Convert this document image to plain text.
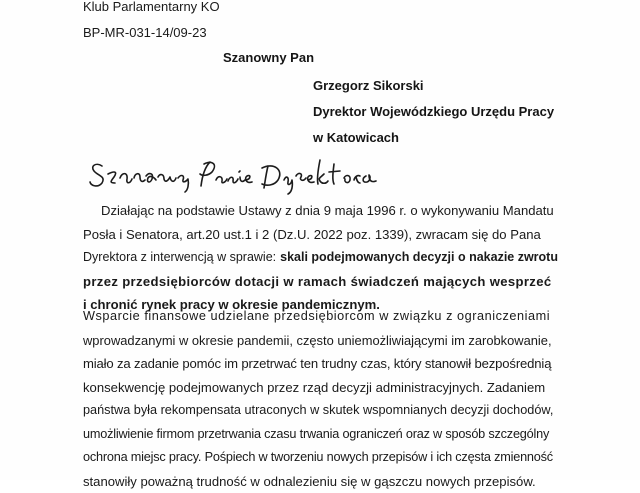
Klub Parlamentarny KO
BP-MR-031-14/09-23
Szanowny Pan
Grzegorz Sikorski
Dyrektor Wojewódzkiego Urzędu Pracy
w Katowicach
Działając na podstawie Ustawy z dnia 9 maja 1996 r. o wykonywaniu Mandatu
Posła i Senatora, art.20 ust.1 i 2 (Dz.U. 2022 poz. 1339), zwracam się do Pana
Dyrektora z interwencją w sprawie: skali podejmowanych decyzji o nakazie zwrotu
przez przedsiębiorców dotacji w ramach świadczeń mających wesprzeć
i chronić rynek pracy w okresie pandemicznym.
Wsparcie finansowe udzielane przedsiębiorcom w związku z ograniczeniami
wprowadzanymi w okresie pandemii, często uniemożliwiającymi im zarobkowanie,
miało za zadanie pomóc im przetrwać ten trudny czas, który stanowił bezpośrednią
konsekwencję podejmowanych przez rząd decyzji administracyjnych. Zadaniem
państwa była rekompensata utraconych w skutek wspomnianych decyzji dochodów,
umożliwienie firmom przetrwania czasu trwania ograniczeń oraz w sposób szczególny
ochrona miejsc pracy. Pośpiech w tworzeniu nowych przepisów i ich częsta zmienność
stanowiły poważną trudność w odnalezieniu się w gąszczu nowych przepisów.
